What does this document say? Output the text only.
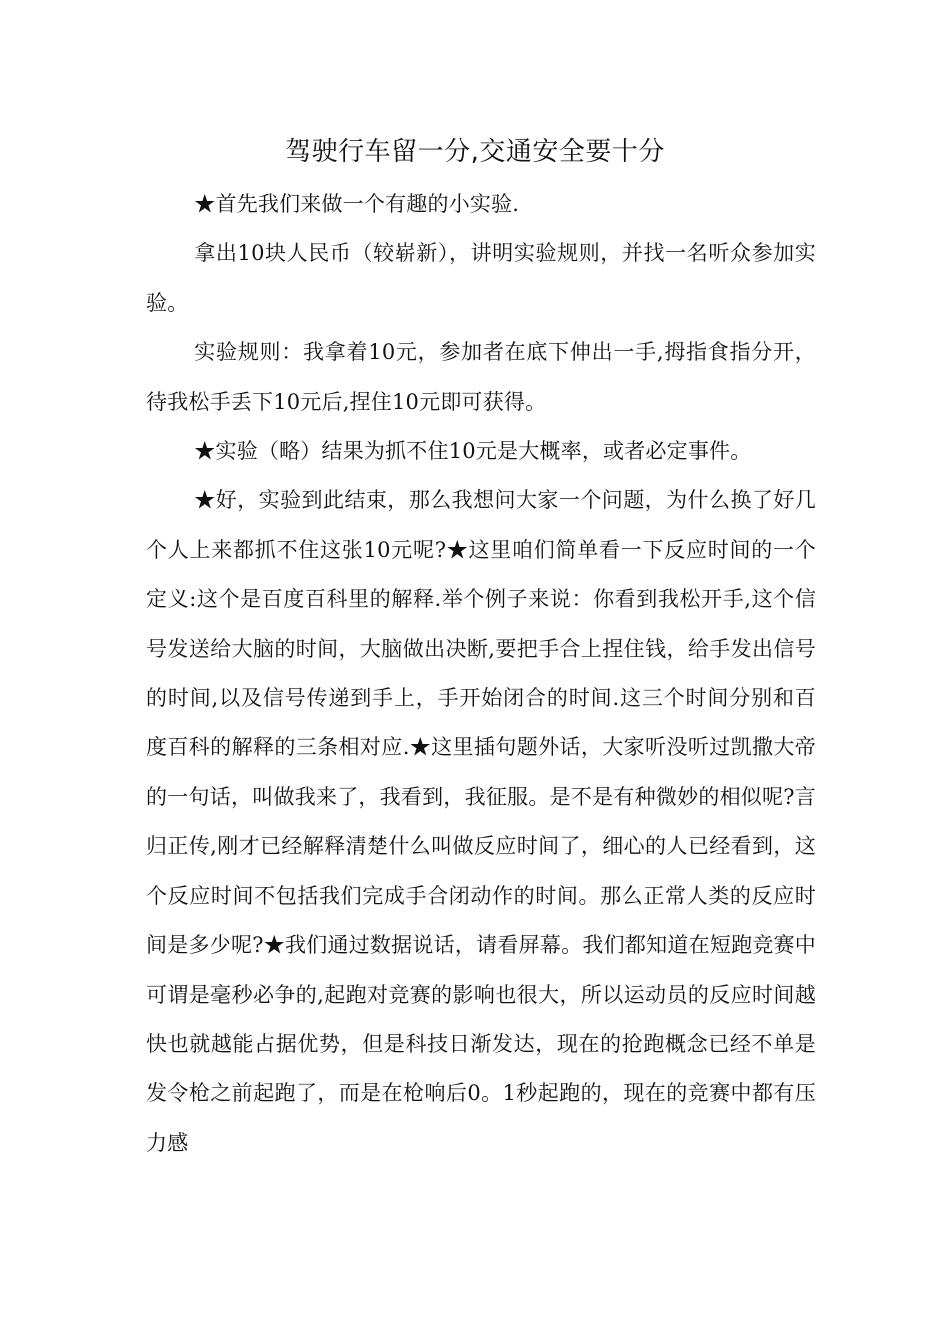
驾驶行车留一分,交通安全要十分

★首先我们来做一个有趣的小实验.

拿出10块人民币（较崭新），讲明实验规则，并找一名听众参加实验。

实验规则：我拿着10元，参加者在底下伸出一手,拇指食指分开，待我松手丢下10元后,捏住10元即可获得。

★实验（略）结果为抓不住10元是大概率，或者必定事件。

★好，实验到此结束，那么我想问大家一个问题，为什么换了好几个人上来都抓不住这张10元呢?★这里咱们简单看一下反应时间的一个定义:这个是百度百科里的解释.举个例子来说：你看到我松开手,这个信号发送给大脑的时间，大脑做出决断,要把手合上捏住钱，给手发出信号的时间,以及信号传递到手上，手开始闭合的时间.这三个时间分别和百度百科的解释的三条相对应.★这里插句题外话，大家听没听过凯撒大帝的一句话，叫做我来了，我看到，我征服。是不是有种微妙的相似呢?言归正传,刚才已经解释清楚什么叫做反应时间了，细心的人已经看到，这个反应时间不包括我们完成手合闭动作的时间。那么正常人类的反应时间是多少呢?★我们通过数据说话，请看屏幕。我们都知道在短跑竞赛中可谓是毫秒必争的,起跑对竞赛的影响也很大，所以运动员的反应时间越快也就越能占据优势，但是科技日渐发达，现在的抢跑概念已经不单是发令枪之前起跑了，而是在枪响后0。1秒起跑的，现在的竞赛中都有压力感
